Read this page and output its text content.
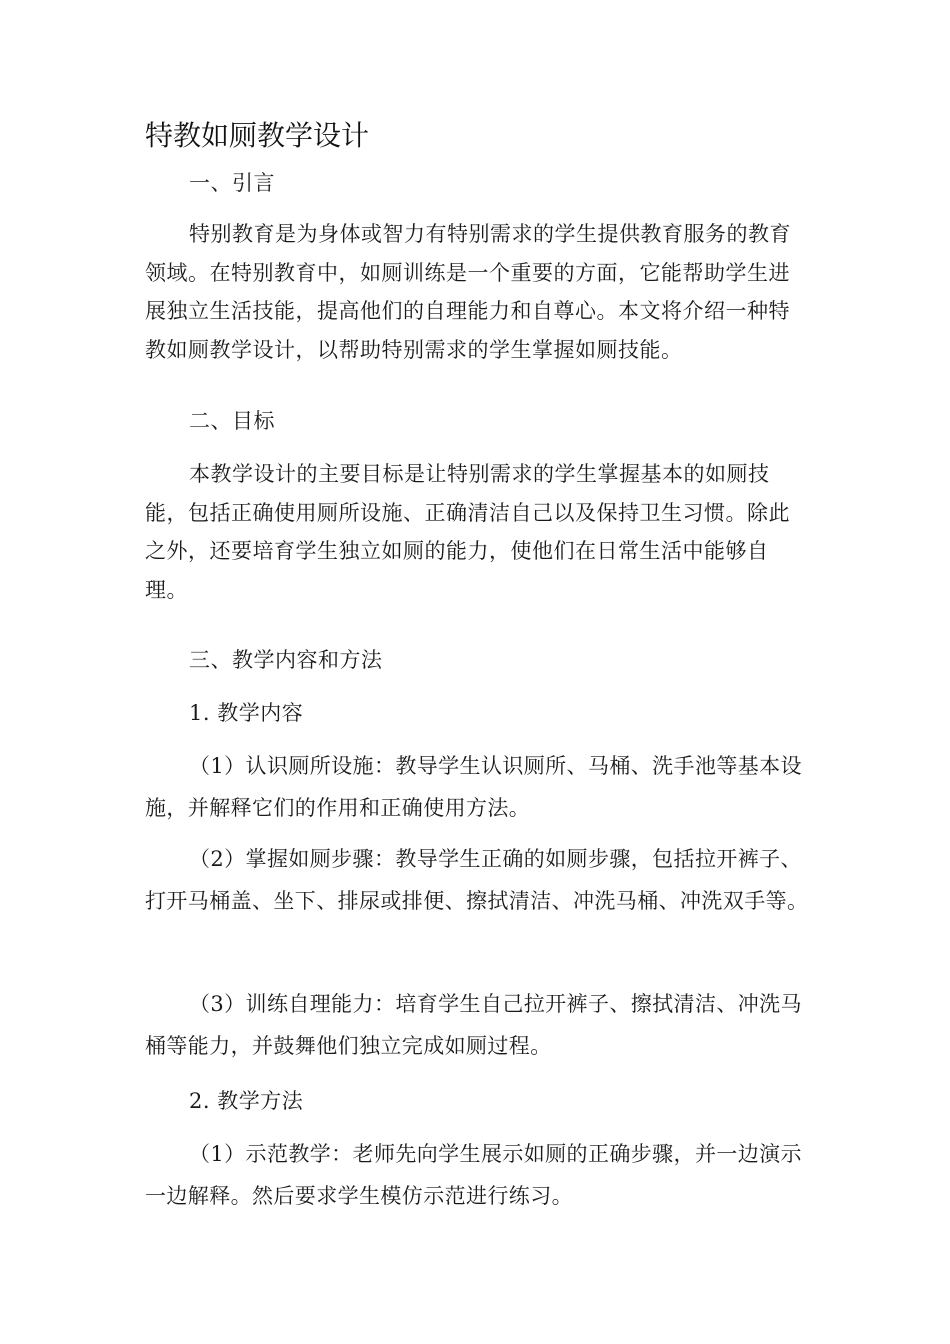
特教如厕教学设计
一、引言

特别教育是为身体或智力有特别需求的学生提供教育服务的教育领域。在特别教育中，如厕训练是一个重要的方面，它能帮助学生进展独立生活技能，提高他们的自理能力和自尊心。本文将介绍一种特教如厕教学设计，以帮助特别需求的学生掌握如厕技能。

二、目标

本教学设计的主要目标是让特别需求的学生掌握基本的如厕技能，包括正确使用厕所设施、正确清洁自己以及保持卫生习惯。除此之外，还要培育学生独立如厕的能力，使他们在日常生活中能够自理。

三、教学内容和方法
1. 教学内容

（1）认识厕所设施：教导学生认识厕所、马桶、洗手池等基本设施，并解释它们的作用和正确使用方法。

（2）掌握如厕步骤：教导学生正确的如厕步骤，包括拉开裤子、打开马桶盖、坐下、排尿或排便、擦拭清洁、冲洗马桶、冲洗双手等。

（3）训练自理能力：培育学生自己拉开裤子、擦拭清洁、冲洗马桶等能力，并鼓舞他们独立完成如厕过程。

2. 教学方法

（1）示范教学：老师先向学生展示如厕的正确步骤，并一边演示一边解释。然后要求学生模仿示范进行练习。
